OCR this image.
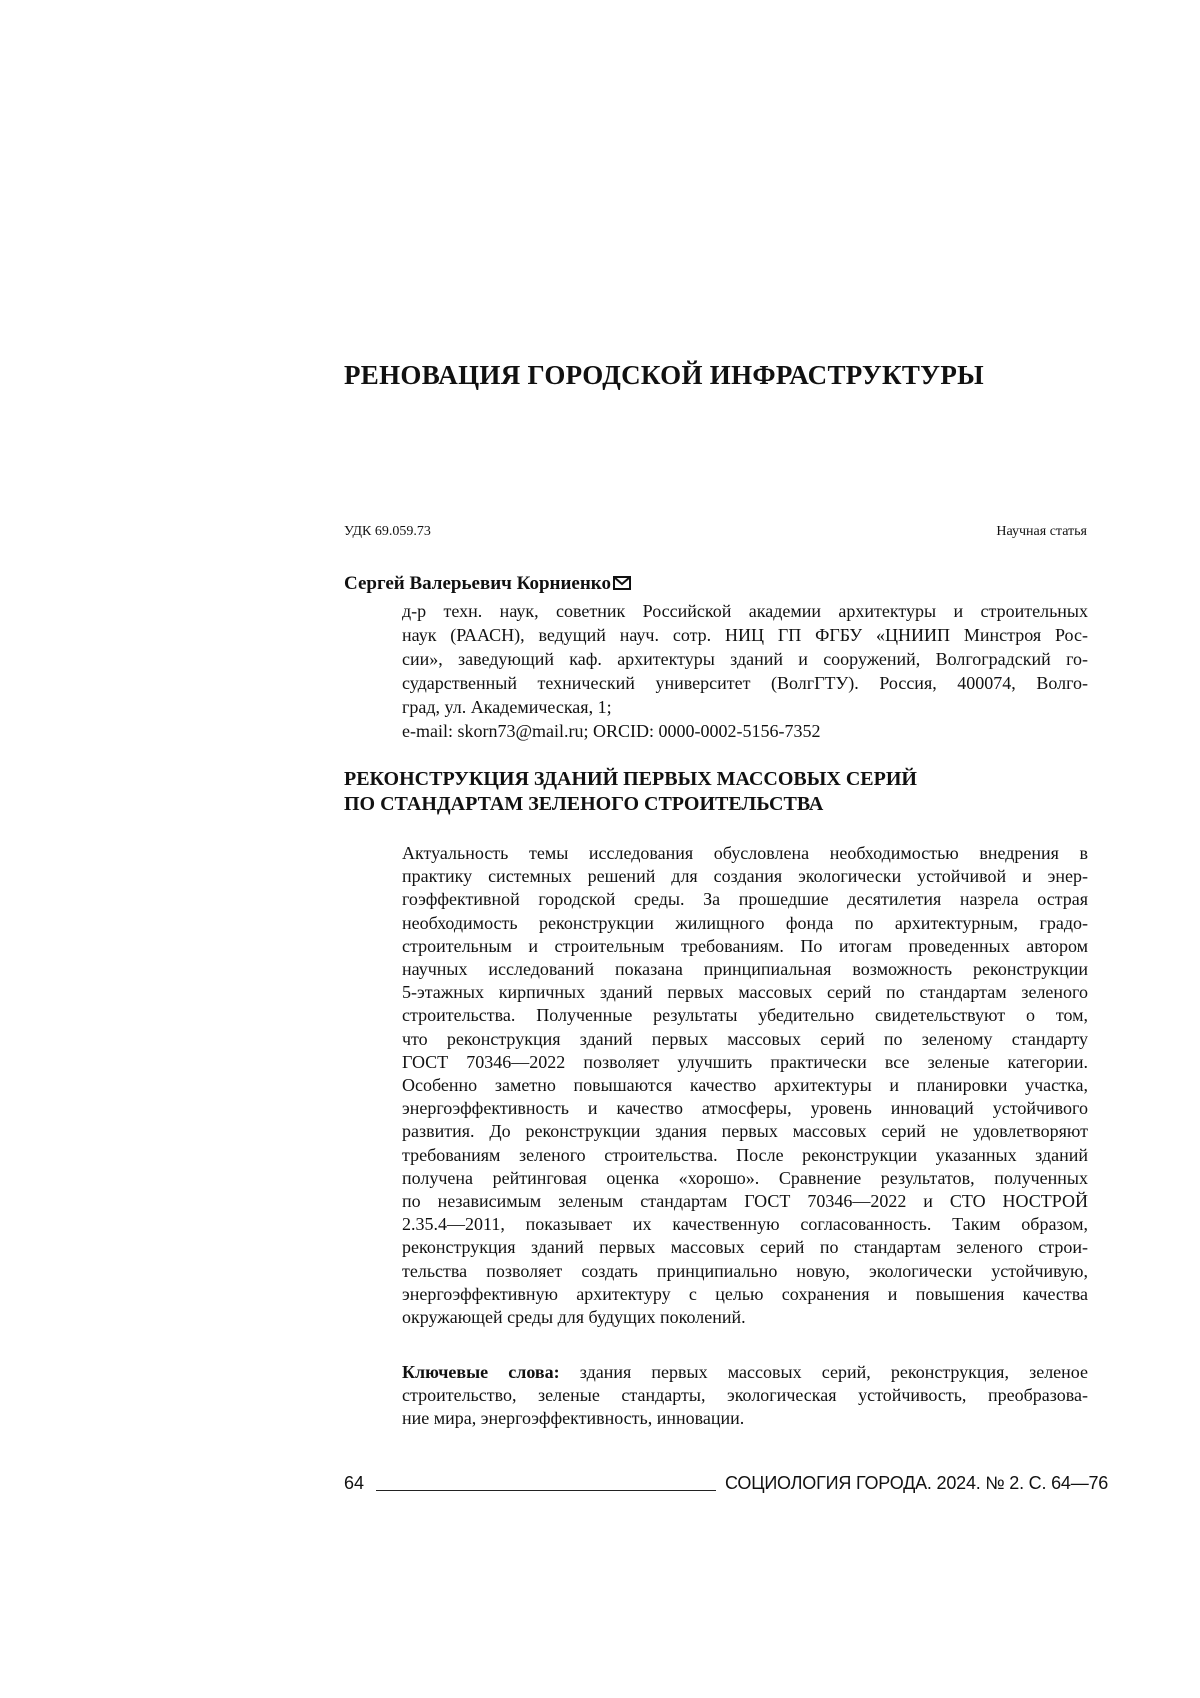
РЕНОВАЦИЯ ГОРОДСКОЙ ИНФРАСТРУКТУРЫ
УДК 69.059.73	Научная статья
Сергей Валерьевич Корниенко
д-р техн. наук, советник Российской академии архитектуры и строительных
наук (РААСН), ведущий науч. сотр. НИЦ ГП ФГБУ «ЦНИИП Минстроя Рос-
сии», заведующий каф. архитектуры зданий и сооружений, Волгоградский го-
сударственный технический университет (ВолгГТУ). Россия, 400074, Волго-
град, ул. Академическая, 1;
e-mail: skorn73@mail.ru; ORCID: 0000-0002-5156-7352
РЕКОНСТРУКЦИЯ ЗДАНИЙ ПЕРВЫХ МАССОВЫХ СЕРИЙ
ПО СТАНДАРТАМ ЗЕЛЕНОГО СТРОИТЕЛЬСТВА
Актуальность темы исследования обусловлена необходимостью внедрения в
практику системных решений для создания экологически устойчивой и энер-
гоэффективной городской среды. За прошедшие десятилетия назрела острая
необходимость реконструкции жилищного фонда по архитектурным, градо-
строительным и строительным требованиям. По итогам проведенных автором
научных исследований показана принципиальная возможность реконструкции
5-этажных кирпичных зданий первых массовых серий по стандартам зеленого
строительства. Полученные результаты убедительно свидетельствуют о том,
что реконструкция зданий первых массовых серий по зеленому стандарту
ГОСТ 70346—2022 позволяет улучшить практически все зеленые категории.
Особенно заметно повышаются качество архитектуры и планировки участка,
энергоэффективность и качество атмосферы, уровень инноваций устойчивого
развития. До реконструкции здания первых массовых серий не удовлетворяют
требованиям зеленого строительства. После реконструкции указанных зданий
получена рейтинговая оценка «хорошо». Сравнение результатов, полученных
по независимым зеленым стандартам ГОСТ 70346—2022 и СТО НОСТРОЙ
2.35.4—2011, показывает их качественную согласованность. Таким образом,
реконструкция зданий первых массовых серий по стандартам зеленого строи-
тельства позволяет создать принципиально новую, экологически устойчивую,
энергоэффективную архитектуру с целью сохранения и повышения качества
окружающей среды для будущих поколений.
Ключевые слова: здания первых массовых серий, реконструкция, зеленое
строительство, зеленые стандарты, экологическая устойчивость, преобразова-
ние мира, энергоэффективность, инновации.
64	СОЦИОЛОГИЯ ГОРОДА. 2024. № 2. С. 64—76
